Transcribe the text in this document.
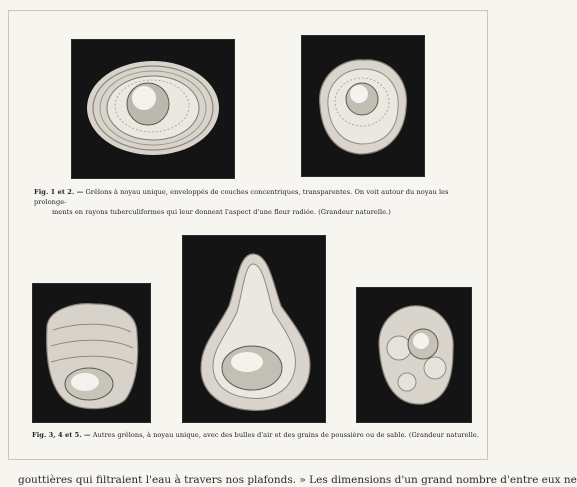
Fig. 1 et 2. — Grêlons à noyau unique, enveloppés de couches concentriques, transparentes. On voit autour du noyau les prolonge-
ments en rayons tuberculiformes qui leur donnent l'aspect d'une fleur radiée. (Grandeur naturelle.)
Fig. 3, 4 et 5. — Autres grêlons, à noyau unique, avec des bulles d'air et des grains de poussière ou de sable. (Grandeur naturelle.
gouttières qui filtraient l'eau à travers nos plafonds. » Les dimensions d'un grand nombre d'entre eux ne
